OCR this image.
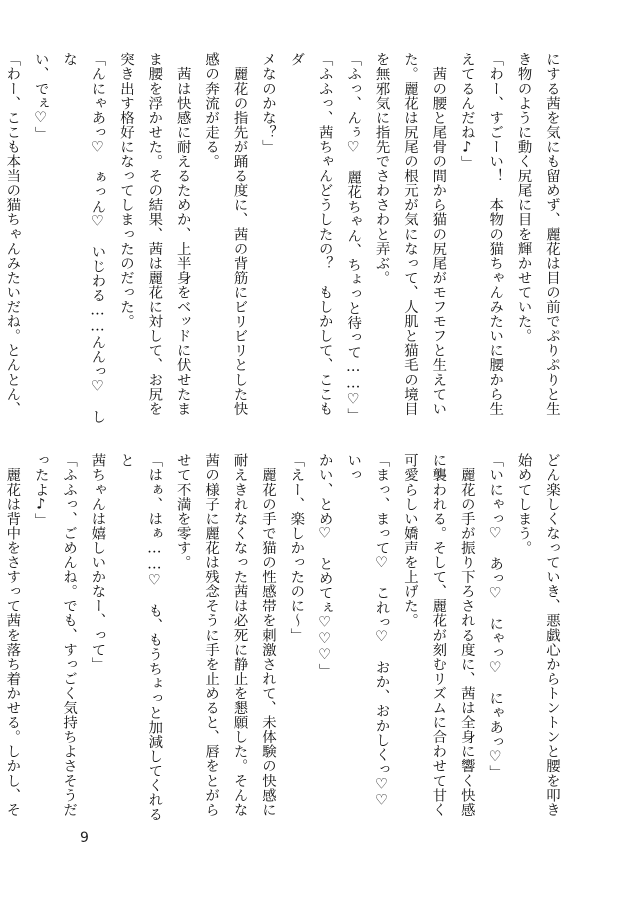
にする茜を気にも留めず、麗花は目の前でぷりぷりと生
き物のように動く尻尾に目を輝かせていた。
「わー、すごーい！　本物の猫ちゃんみたいに腰から生
えてるんだね♪」
　茜の腰と尾骨の間から猫の尻尾がモフモフと生えてい
た。麗花は尻尾の根元が気になって、人肌と猫毛の境目
を無邪気に指先でさわさわと弄ぶ。
「ふっ、んぅ♡　麗花ちゃん、ちょっと待って……♡」
「ふふっ、茜ちゃんどうしたの？　もしかして、ここもダ
メなのかな？」
　麗花の指先が踊る度に、茜の背筋にビリビリとした快
感の奔流が走る。
　茜は快感に耐えるためか、上半身をベッドに伏せたま
ま腰を浮かせた。その結果、茜は麗花に対して、お尻を
突き出す格好になってしまったのだった。
「んにゃあっ♡　ぁっん♡　いじわる……んんっ♡　しな
い、でぇ♡」
「わー、ここも本当の猫ちゃんみたいだね。とんとん、
どん楽しくなっていき、悪戯心からトントンと腰を叩き
始めてしまう。
「いにゃっ♡　あっ♡　にゃっ♡　にゃあっ♡」
　麗花の手が振り下ろされる度に、茜は全身に響く快感
に襲われる。そして、麗花が刻むリズムに合わせて甘く
可愛らしい嬌声を上げた。
「まっ、まって♡　これっ♡　おか、おかしくっ♡♡　いっ
かい、とめ♡　とめてぇ♡♡♡」
「えー、楽しかったのに～」
　麗花の手で猫の性感帯を刺激されて、未体験の快感に
耐えきれなくなった茜は必死に静止を懇願した。そんな
茜の様子に麗花は残念そうに手を止めると、唇をとがら
せて不満を零す。
「はぁ、はぁ……♡　も、もうちょっと加減してくれると
茜ちゃんは嬉しいかなー、って」
「ふふっ、ごめんね。でも、すっごく気持ちよさそうだ
ったよ♪」
　麗花は背中をさすって茜を落ち着かせる。しかし、そ
9
